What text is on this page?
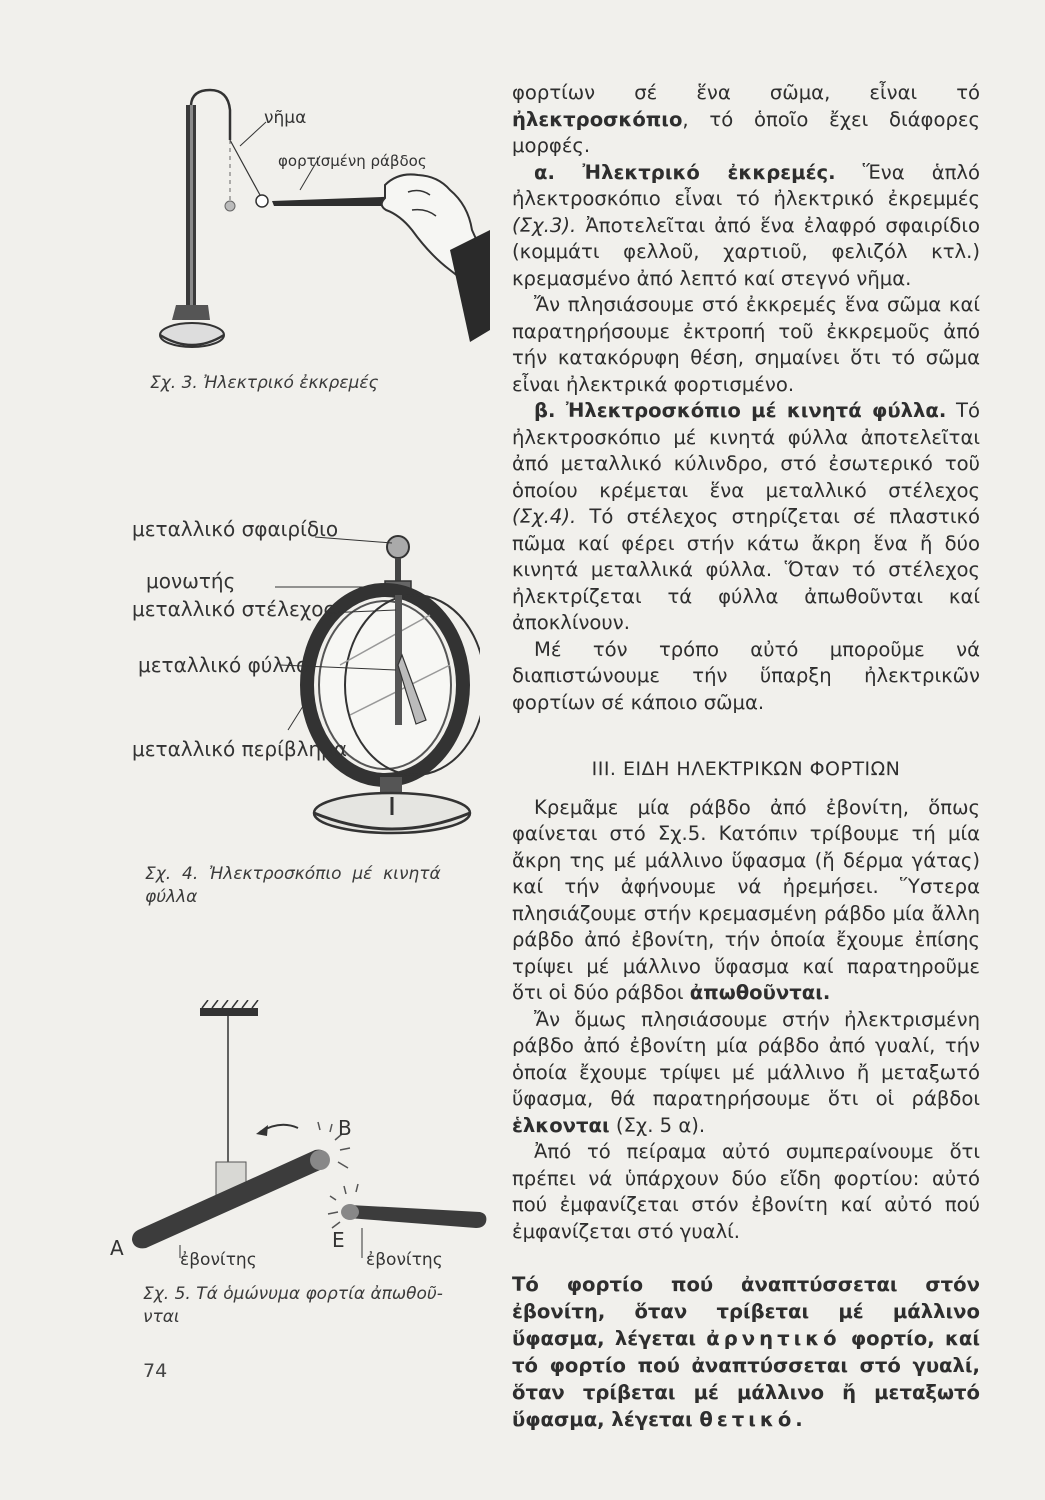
νῆμα
φορτισμένη ράβδος
Σχ. 3. Ἠλεκτρικό ἐκκρεμές
μεταλλικό σφαιρίδιο
μονωτής
μεταλλικό στέλεχος
μεταλλικό φύλλο
μεταλλικό περίβλημα
Σχ.  4.  Ἠλεκτροσκόπιο  μέ  κινητά
φύλλα
Α
Β
Ε
ἐβονίτης	ἐβονίτης
Σχ. 5. Τά ὁμώνυμα φορτία ἀπωθοῦ-
νται
74

φορτίων σέ ἕνα σῶμα, εἶναι τό ἠλεκτροσκόπιο, τό ὁποῖο ἔχει διάφορες μορφές.

α. Ἠλεκτρικό ἐκκρεμές. Ἕνα ἁπλό ἠλεκτροσκόπιο εἶναι τό ἠλεκτρικό ἐκρεμμές (Σχ.3). Ἀποτελεῖται ἀπό ἕνα ἐλαφρό σφαιρίδιο (κομμάτι φελλοῦ, χαρτιοῦ, φελιζόλ κτλ.) κρεμασμένο ἀπό λεπτό καί στεγνό νῆμα.

Ἄν πλησιάσουμε στό ἐκκρεμές ἕνα σῶμα καί παρατηρήσουμε ἐκτροπή τοῦ ἐκκρεμοῦς ἀπό τήν κατακόρυφη θέση, σημαίνει ὅτι τό σῶμα εἶναι ἠλεκτρικά φορτισμένο.

β. Ἠλεκτροσκόπιο μέ κινητά φύλλα. Τό ἠλεκτροσκόπιο μέ κινητά φύλλα ἀποτελεῖται ἀπό μεταλλικό κύλινδρο, στό ἐσωτερικό τοῦ ὁποίου κρέμεται ἕνα μεταλλικό στέλεχος (Σχ.4). Τό στέλεχος στηρίζεται σέ πλαστικό πῶμα καί φέρει στήν κάτω ἄκρη ἕνα ἤ δύο κινητά μεταλλικά φύλλα. Ὅταν τό στέλεχος ἠλεκτρίζεται τά φύλλα ἀπωθοῦνται καί ἀποκλίνουν.

Μέ τόν τρόπο αὐτό μποροῦμε νά διαπιστώνουμε τήν ὕπαρξη ἠλεκτρικῶν φορτίων σέ κάποιο σῶμα.

ΙΙΙ. ΕΙΔΗ ΗΛΕΚΤΡΙΚΩΝ ΦΟΡΤΙΩΝ

Κρεμᾶμε μία ράβδο ἀπό ἐβονίτη, ὅπως φαίνεται στό Σχ.5. Κατόπιν τρίβουμε τή μία ἄκρη της μέ μάλλινο ὕφασμα (ἤ δέρμα γάτας) καί τήν ἀφήνουμε νά ἠρεμήσει. Ὕστερα πλησιάζουμε στήν κρεμασμένη ράβδο μία ἄλλη ράβδο ἀπό ἐβονίτη, τήν ὁποία ἔχουμε ἐπίσης τρίψει μέ μάλλινο ὕφασμα καί παρατηροῦμε ὅτι οἱ δύο ράβδοι ἀπωθοῦνται.

Ἄν ὅμως πλησιάσουμε στήν ἠλεκτρισμένη ράβδο ἀπό ἐβονίτη μία ράβδο ἀπό γυαλί, τήν ὁποία ἔχουμε τρίψει μέ μάλλινο ἤ μεταξωτό ὕφασμα, θά παρατηρήσουμε ὅτι οἱ ράβδοι ἑλκονται (Σχ. 5 α).

Ἀπό τό πείραμα αὐτό συμπεραίνουμε ὅτι πρέπει νά ὑπάρχουν δύο εἴδη φορτίου: αὐτό πού ἐμφανίζεται στόν ἐβονίτη καί αὐτό πού ἐμφανίζεται στό γυαλί.

Τό φορτίο πού ἀναπτύσσεται στόν ἐβονίτη, ὅταν τρίβεται μέ μάλλινο ὕφασμα, λέγεται ἀρνητικό φορτίο, καί τό φορτίο πού ἀναπτύσσεται στό γυαλί, ὅταν τρίβεται μέ μάλλινο ἤ μεταξωτό ὕφασμα, λέγεται θετικό.
